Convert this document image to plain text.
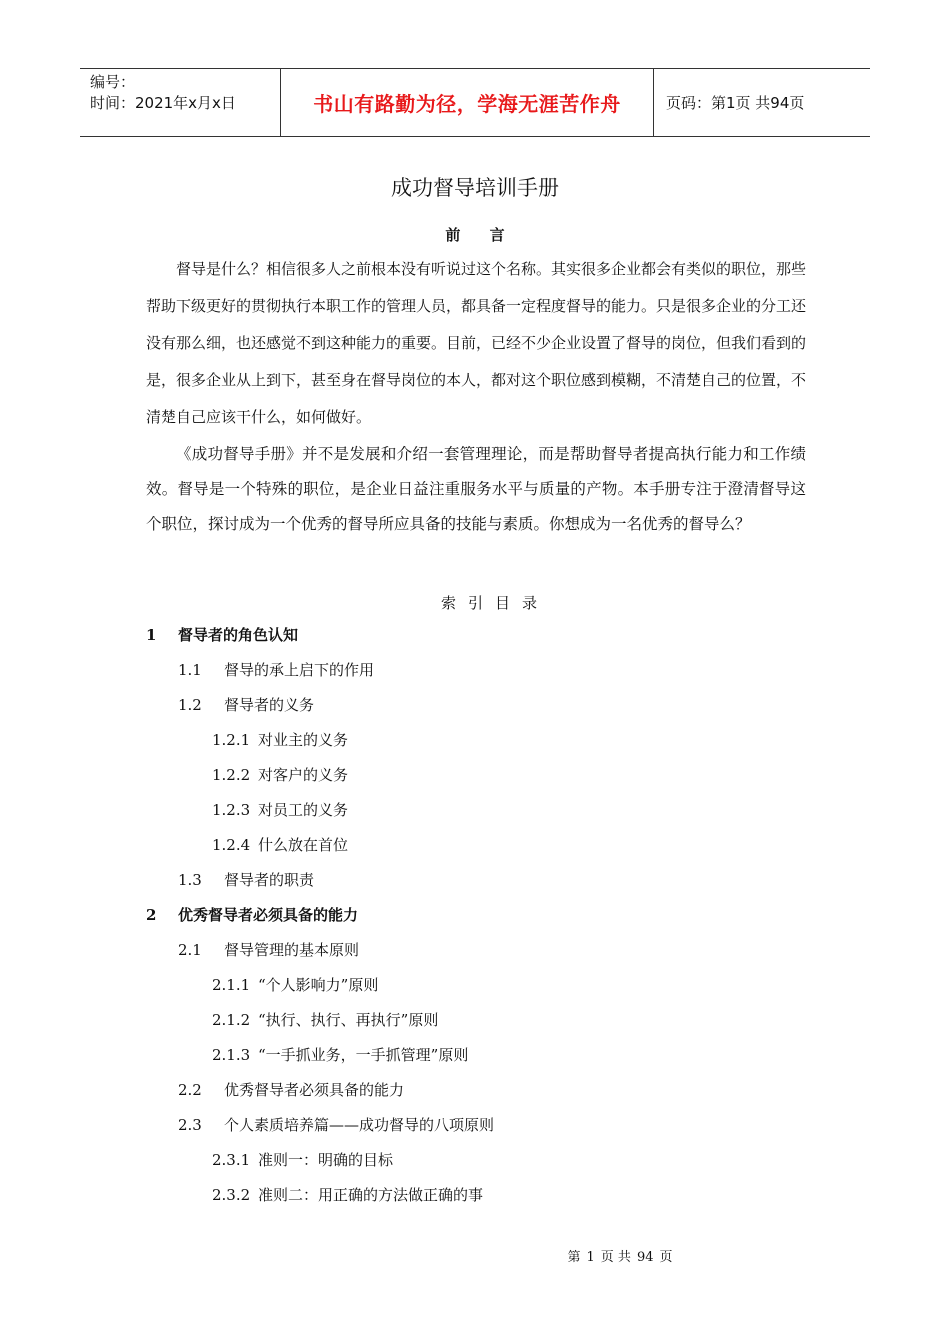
编号：
时间：2021年x月x日	书山有路勤为径，学海无涯苦作舟	页码：第1页 共94页
成功督导培训手册
前 言

督导是什么？相信很多人之前根本没有听说过这个名称。其实很多企业都会有类似的职位，那些帮助下级更好的贯彻执行本职工作的管理人员，都具备一定程度督导的能力。只是很多企业的分工还没有那么细，也还感觉不到这种能力的重要。目前，已经不少企业设置了督导的岗位，但我们看到的是，很多企业从上到下，甚至身在督导岗位的本人，都对这个职位感到模糊，不清楚自己的位置，不清楚自己应该干什么，如何做好。

《成功督导手册》并不是发展和介绍一套管理理论，而是帮助督导者提高执行能力和工作绩效。督导是一个特殊的职位，是企业日益注重服务水平与质量的产物。本手册专注于澄清督导这个职位，探讨成为一个优秀的督导所应具备的技能与素质。你想成为一名优秀的督导么？

索引目录
1 督导者的角色认知
1.1 督导的承上启下的作用
1.2 督导者的义务
1.2.1 对业主的义务
1.2.2 对客户的义务
1.2.3 对员工的义务
1.2.4 什么放在首位
1.3 督导者的职责
2 优秀督导者必须具备的能力
2.1 督导管理的基本原则
2.1.1 “个人影响力”原则
2.1.2 “执行、执行、再执行”原则
2.1.3 “一手抓业务，一手抓管理”原则
2.2 优秀督导者必须具备的能力
2.3 个人素质培养篇——成功督导的八项原则
2.3.1 准则一：明确的目标
2.3.2 准则二：用正确的方法做正确的事
第 1 页 共 94 页
